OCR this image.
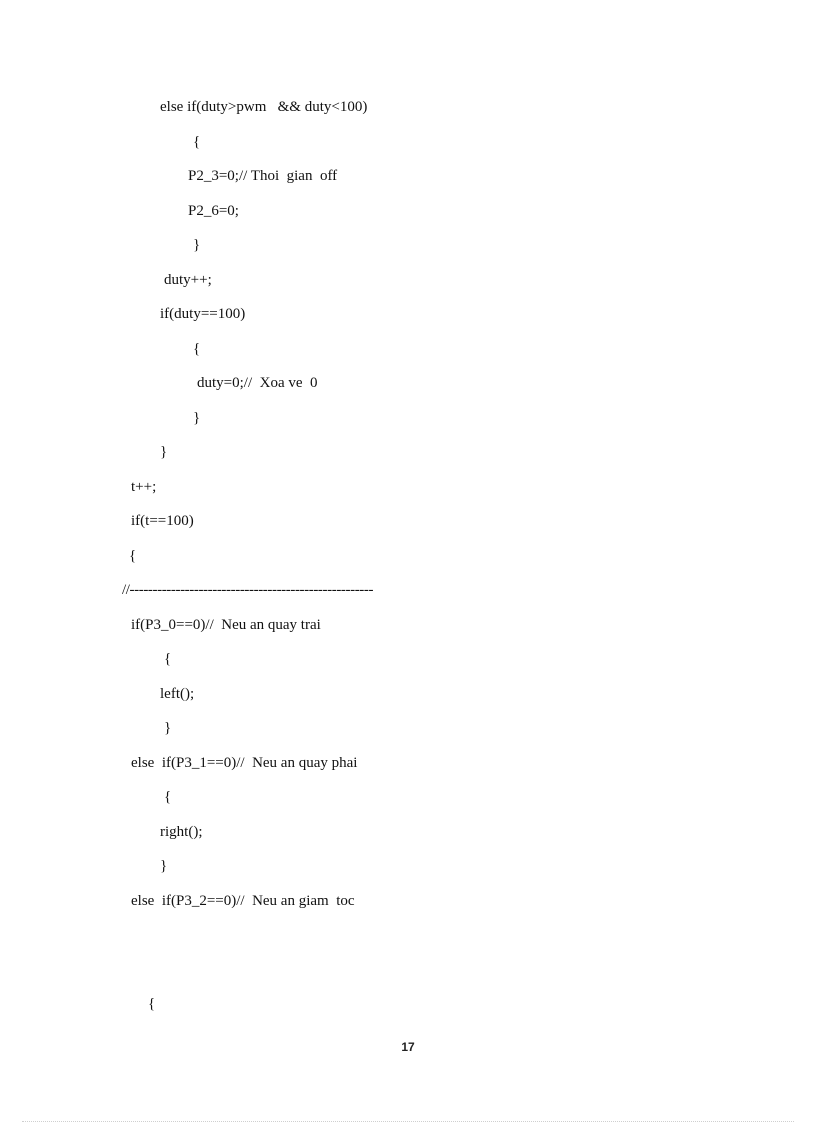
else if(duty>pwm   && duty<100)

{

P2_3=0;// Thoi  gian  off

P2_6=0;

}

duty++;

if(duty==100)

{

duty=0;//  Xoa ve  0

}

}

t++;

if(t==100)

{

//-----------------------------------------------------

if(P3_0==0)//  Neu an quay trai

{

left();

}

else  if(P3_1==0)//  Neu an quay phai

{

right();

}

else  if(P3_2==0)//  Neu an giam  toc

{

17
